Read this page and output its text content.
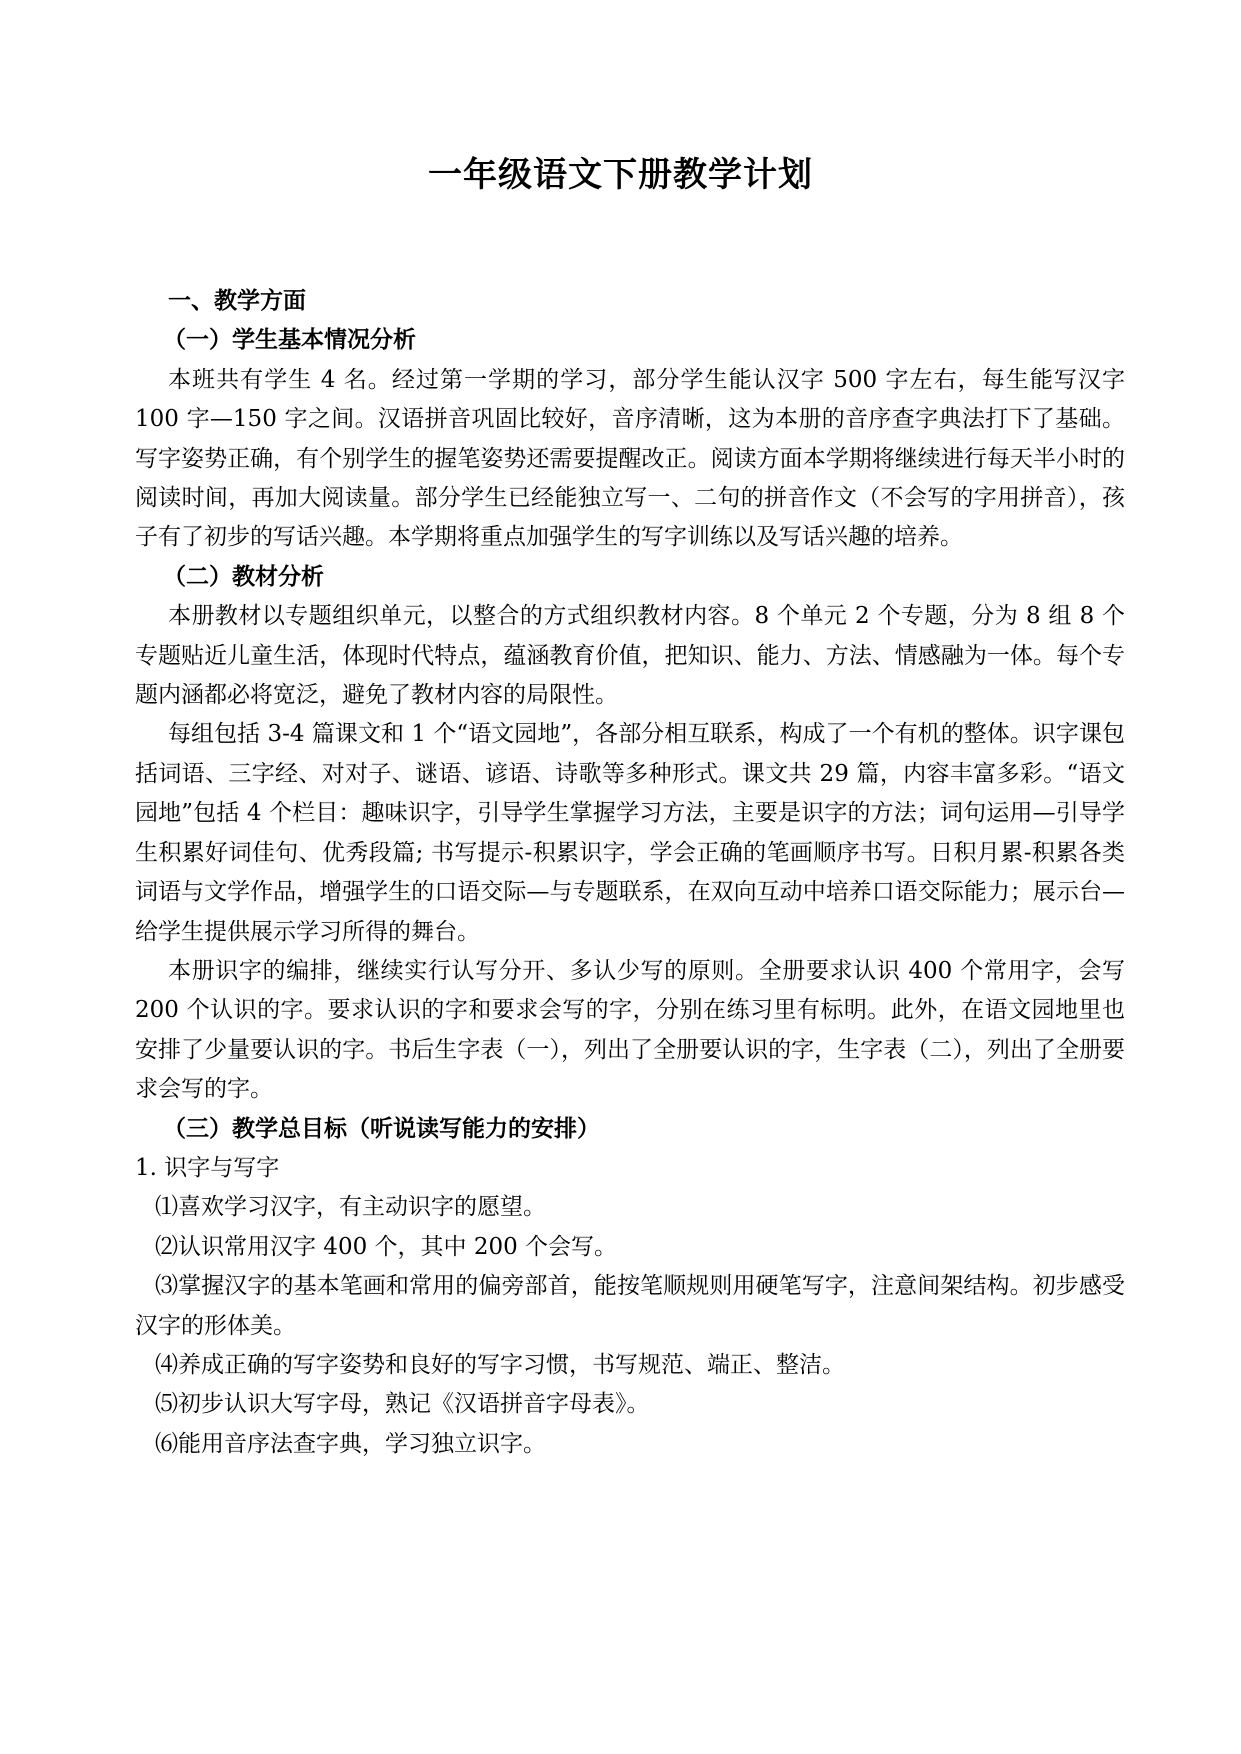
一年级语文下册教学计划

一、教学方面

（一）学生基本情况分析

本班共有学生 4 名。经过第一学期的学习，部分学生能认汉字 500 字左右，每生能写汉字 100 字—150 字之间。汉语拼音巩固比较好，音序清晰，这为本册的音序查字典法打下了基础。写字姿势正确，有个别学生的握笔姿势还需要提醒改正。阅读方面本学期将继续进行每天半小时的阅读时间，再加大阅读量。部分学生已经能独立写一、二句的拼音作文（不会写的字用拼音），孩子有了初步的写话兴趣。本学期将重点加强学生的写字训练以及写话兴趣的培养。

（二）教材分析

本册教材以专题组织单元，以整合的方式组织教材内容。8 个单元 2 个专题，分为 8 组 8 个专题贴近儿童生活，体现时代特点，蕴涵教育价值，把知识、能力、方法、情感融为一体。每个专题内涵都必将宽泛，避免了教材内容的局限性。

每组包括 3-4 篇课文和 1 个“语文园地”，各部分相互联系，构成了一个有机的整体。识字课包括词语、三字经、对对子、谜语、谚语、诗歌等多种形式。课文共 29 篇，内容丰富多彩。“语文园地”包括 4 个栏目：趣味识字，引导学生掌握学习方法，主要是识字的方法；词句运用—引导学生积累好词佳句、优秀段篇; 书写提示-积累识字，学会正确的笔画顺序书写。日积月累-积累各类词语与文学作品，增强学生的口语交际—与专题联系，在双向互动中培养口语交际能力；展示台—给学生提供展示学习所得的舞台。

本册识字的编排，继续实行认写分开、多认少写的原则。全册要求认识 400 个常用字，会写 200 个认识的字。要求认识的字和要求会写的字，分别在练习里有标明。此外，在语文园地里也安排了少量要认识的字。书后生字表（一），列出了全册要认识的字，生字表（二），列出了全册要求会写的字。

（三）教学总目标（听说读写能力的安排）

1. 识字与写字

⑴喜欢学习汉字，有主动识字的愿望。

⑵认识常用汉字 400 个，其中 200 个会写。

⑶掌握汉字的基本笔画和常用的偏旁部首，能按笔顺规则用硬笔写字，注意间架结构。初步感受汉字的形体美。

⑷养成正确的写字姿势和良好的写字习惯，书写规范、端正、整洁。

⑸初步认识大写字母，熟记《汉语拼音字母表》。

⑹能用音序法查字典，学习独立识字。
